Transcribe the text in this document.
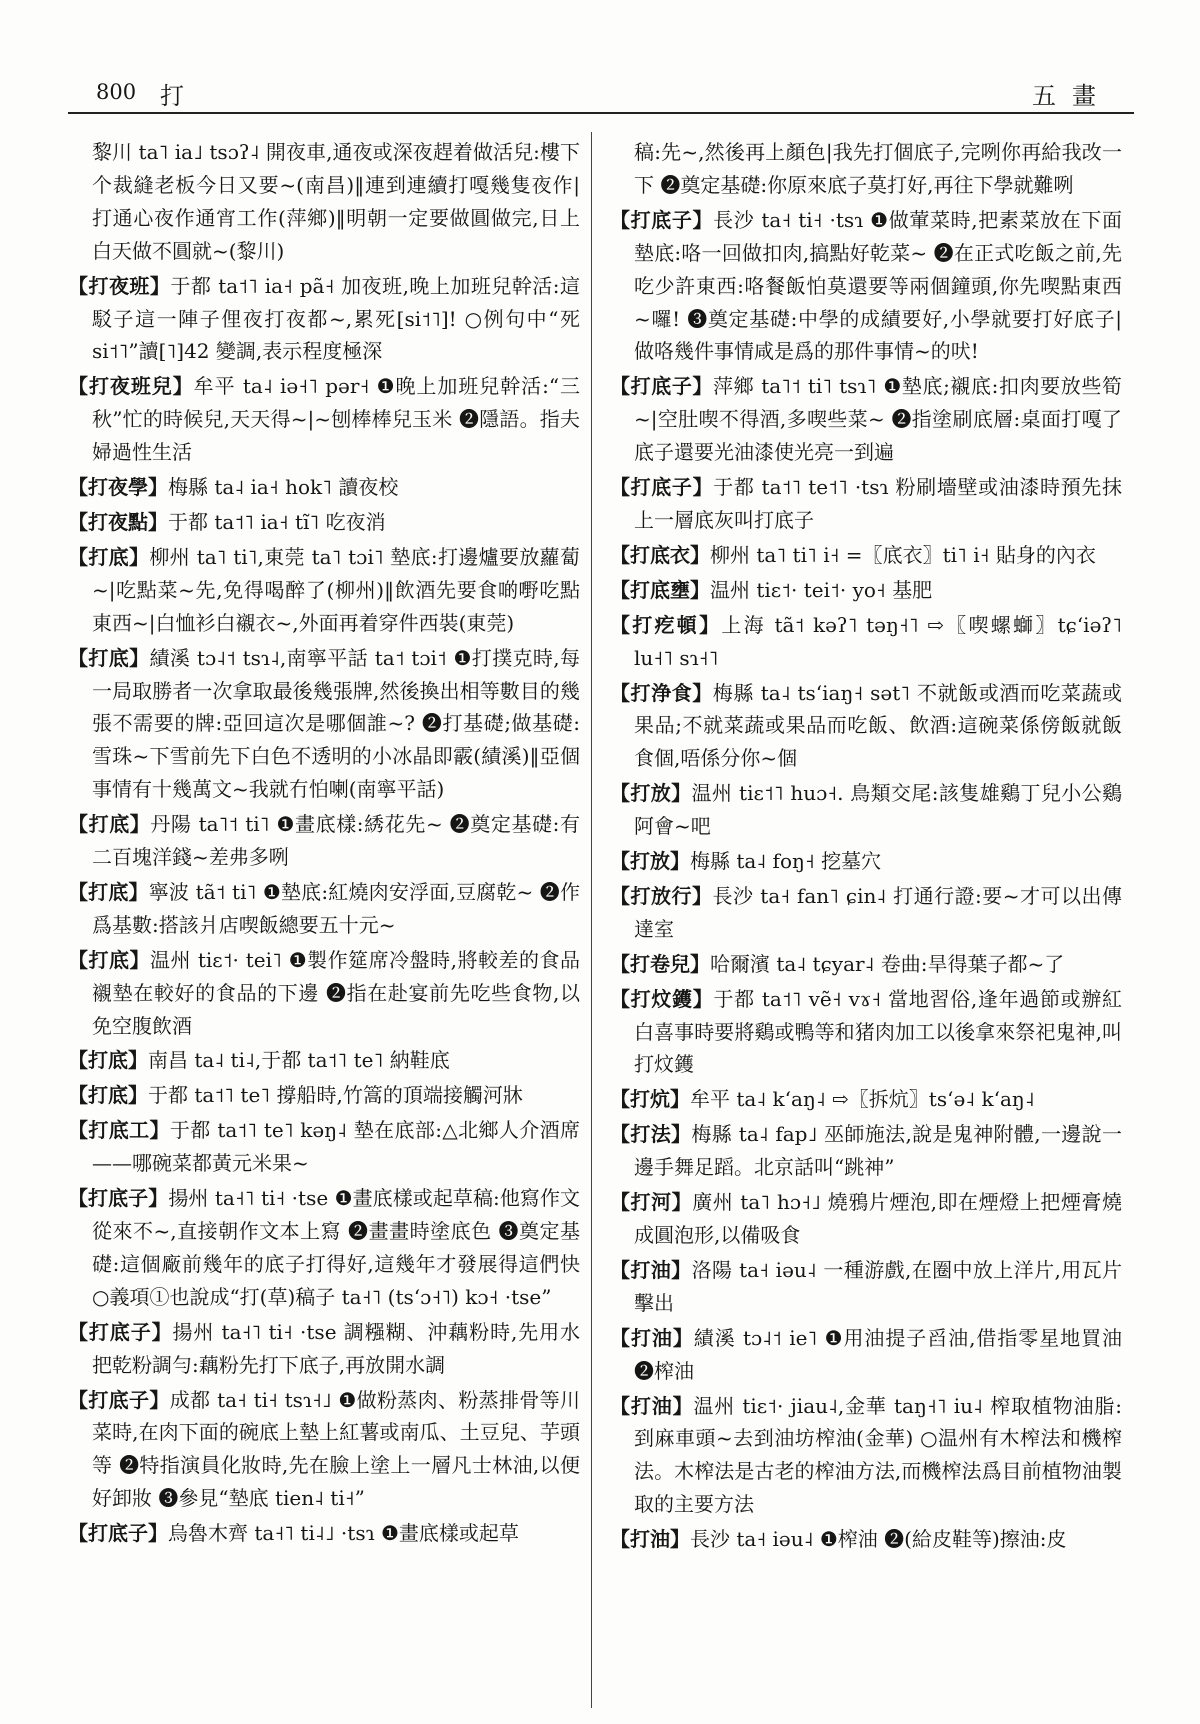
800 打	五畫

黎川 ta˥ ia˩ tsɔʔ˨ 開夜車,通夜或深夜趕着做活兒:樓下个裁縫老板今日又要~(南昌)‖連到連續打嘎幾隻夜作|打通心夜作通宵工作(萍鄉)‖明朝一定要做圓做完,日上白天做不圓就~(黎川)

【打夜班】于都 ta˦˥ ia˧ pã˧ 加夜班,晚上加班兒幹活:這駁子這一陣子俚夜打夜都~,累死[si˦˥]! ○例句中“死 si˦˥”讀[˥]42 變調,表示程度極深

【打夜班兒】牟平 ta˨ iə˧˥ pər˧ ❶晚上加班兒幹活:“三秋”忙的時候兒,天天得~|~刨棒棒兒玉米 ❷隱語。指夫婦過性生活

【打夜學】梅縣 ta˨ ia˧ hok˥ 讀夜校

【打夜點】于都 ta˦˥ ia˧ tĩ˥ 吃夜消

【打底】柳州 ta˥ ti˥,東莞 ta˥ tɔi˥ 墊底:打邊爐要放蘿蔔~|吃點菜~先,免得喝醉了(柳州)‖飲酒先要食啲嘢吃點東西~|白恤衫白襯衣~,外面再着穿件西裝(東莞)

【打底】績溪 tɔ˨˦ tsɿ˨,南寧平話 ta˦ tɔi˦ ❶打撲克時,每一局取勝者一次拿取最後幾張牌,然後換出相等數目的幾張不需要的牌:亞回這次是哪個誰~? ❷打基礎;做基礎:雪珠~下雪前先下白色不透明的小冰晶即霰(績溪)‖亞個事情有十幾萬文~我就冇怕喇(南寧平話)

【打底】丹陽 ta˥˦ ti˥ ❶畫底樣:綉花先~ ❷奠定基礎:有二百塊洋錢~差弗多咧

【打底】寧波 tã˦ ti˥ ❶墊底:紅燒肉安浮面,豆腐乾~ ❷作爲基數:搭該爿店喫飯總要五十元~

【打底】温州 tiɛ˦· tei˥ ❶製作筵席冷盤時,將較差的食品襯墊在較好的食品的下邊 ❷指在赴宴前先吃些食物,以免空腹飲酒

【打底】南昌 ta˨ ti˨,于都 ta˦˥ te˥ 納鞋底

【打底】于都 ta˦˥ te˥ 撐船時,竹篙的頂端接觸河牀

【打底工】于都 ta˦˥ te˥ kəŋ˨ 墊在底部:△北鄉人介酒席——哪碗菜都黃元米果~

【打底子】揚州 ta˧˥ ti˧ ·tse ❶畫底樣或起草稿:他寫作文從來不~,直接朝作文本上寫 ❷畫畫時塗底色 ❸奠定基礎:這個廠前幾年的底子打得好,這幾年才發展得這們快 ○義項①也說成“打(草)稿子 ta˧˥ (tsʻɔ˧˥) kɔ˧ ·tse”

【打底子】揚州 ta˧˥ ti˧ ·tse 調糨糊、沖藕粉時,先用水把乾粉調勻:藕粉先打下底子,再放開水調

【打底子】成都 ta˧ ti˧ tsɿ˧˩ ❶做粉蒸肉、粉蒸排骨等川菜時,在肉下面的碗底上墊上紅薯或南瓜、土豆兒、芋頭等 ❷特指演員化妝時,先在臉上塗上一層凡士林油,以便好卸妝 ❸參見“墊底 tien˨ ti˧”

【打底子】烏魯木齊 ta˧˥ ti˨˩ ·tsɿ ❶畫底樣或起草

稿:先~,然後再上顏色|我先打個底子,完咧你再給我改一下 ❷奠定基礎:你原來底子莫打好,再往下學就難咧

【打底子】長沙 ta˧ ti˧ ·tsɿ ❶做葷菜時,把素菜放在下面墊底:咯一回做扣肉,搞點好乾菜~ ❷在正式吃飯之前,先吃少許東西:咯餐飯怕莫還要等兩個鐘頭,你先喫點東西~囉! ❸奠定基礎:中學的成績要好,小學就要打好底子|做咯幾件事情咸是爲的那件事情~的吠!

【打底子】萍鄉 ta˥˦ ti˥ tsɿ˥ ❶墊底;襯底:扣肉要放些筍~|空肚喫不得酒,多喫些菜~ ❷指塗刷底層:桌面打嘎了底子還要光油漆使光亮一到遍

【打底子】于都 ta˦˥ te˦˥ ·tsɿ 粉刷墻壁或油漆時預先抹上一層底灰叫打底子

【打底衣】柳州 ta˥ ti˥ i˧ =〖底衣〗ti˥ i˧ 貼身的內衣

【打底壅】温州 tiɛ˦· tei˦· yo˧ 基肥

【打疙頓】上海 tã˦ kəʔ˥ təŋ˧˥ ⇨〖喫螺螄〗tɕʻiəʔ˥ lu˧˥ sɿ˧˥

【打浄食】梅縣 ta˨ tsʻiaŋ˧ sət˥ 不就飯或酒而吃菜蔬或果品;不就菜蔬或果品而吃飯、飲酒:這碗菜係傍飯就飯食個,唔係分你~個

【打放】温州 tiɛ˦˥ huɔ˧. 鳥類交尾:該隻雄鷄丁兒小公鷄阿會~吧

【打放】梅縣 ta˨ foŋ˧ 挖墓穴

【打放行】長沙 ta˧ fan˥ ɕin˨ 打通行證:要~才可以出傳達室

【打卷兒】哈爾濱 ta˨ tɕyar˨ 卷曲:旱得葉子都~了

【打炆鑊】于都 ta˦˥ vẽ˧ vɤ˧ 當地習俗,逢年過節或辦紅白喜事時要將鷄或鴨等和猪肉加工以後拿來祭祀鬼神,叫打炆鑊

【打炕】牟平 ta˨ kʻaŋ˨ ⇨〖拆炕〗tsʻə˨ kʻaŋ˨

【打法】梅縣 ta˨ fap˩ 巫師施法,說是鬼神附體,一邊說一邊手舞足蹈。北京話叫“跳神”

【打河】廣州 ta˥ hɔ˧˩ 燒鴉片煙泡,即在煙燈上把煙膏燒成圓泡形,以備吸食

【打油】洛陽 ta˧ iəu˨ 一種游戲,在圈中放上洋片,用瓦片擊出

【打油】績溪 tɔ˨˦ ie˥ ❶用油提子舀油,借指零星地買油 ❷榨油

【打油】温州 tiɛ˦· jiau˨,金華 taŋ˧˥ iu˨ 榨取植物油脂:到麻車頭~去到油坊榨油(金華) ○温州有木榨法和機榨法。木榨法是古老的榨油方法,而機榨法爲目前植物油製取的主要方法

【打油】長沙 ta˧ iəu˨ ❶榨油 ❷(給皮鞋等)擦油:皮
